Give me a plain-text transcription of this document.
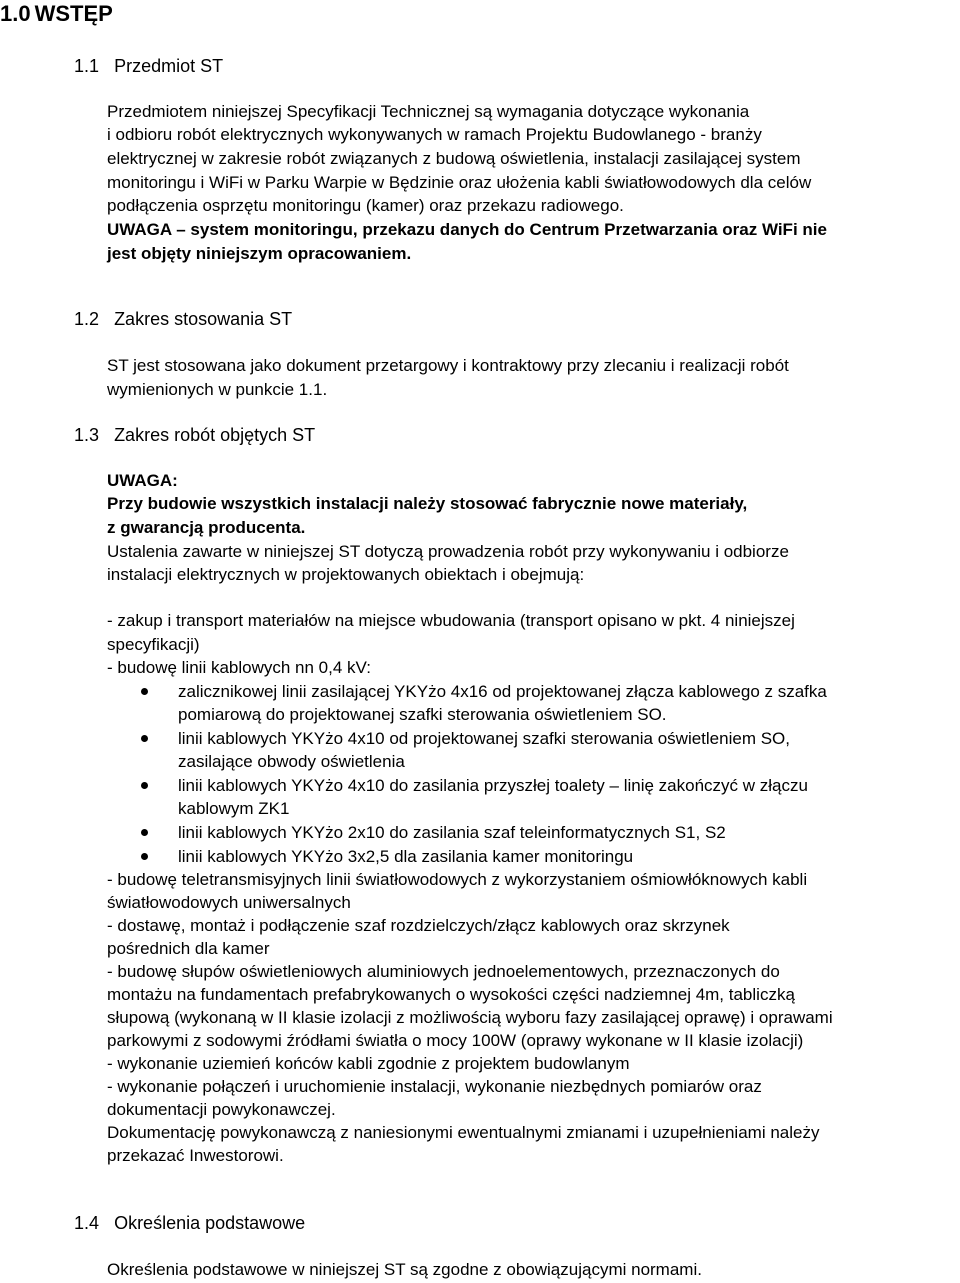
1.0 WSTĘP
1.1 Przedmiot ST
Przedmiotem niniejszej Specyfikacji Technicznej są wymagania dotyczące wykonania
i odbioru robót elektrycznych wykonywanych w ramach Projektu Budowlanego - branży
elektrycznej w zakresie robót związanych z budową oświetlenia, instalacji zasilającej system
monitoringu i WiFi w Parku Warpie w Będzinie oraz ułożenia kabli światłowodowych dla celów
podłączenia osprzętu monitoringu (kamer) oraz przekazu radiowego.
UWAGA – system monitoringu, przekazu danych do Centrum Przetwarzania oraz WiFi nie
jest objęty niniejszym opracowaniem.
1.2 Zakres stosowania ST
ST jest stosowana jako dokument przetargowy i kontraktowy przy zlecaniu i realizacji robót
wymienionych w punkcie 1.1.
1.3 Zakres robót objętych ST
UWAGA:
Przy budowie wszystkich instalacji należy stosować fabrycznie nowe materiały,
z gwarancją producenta.
Ustalenia zawarte w niniejszej ST dotyczą prowadzenia robót przy wykonywaniu i odbiorze
instalacji elektrycznych w projektowanych obiektach i obejmują:
- zakup i transport materiałów na miejsce wbudowania (transport opisano w pkt. 4 niniejszej
specyfikacji)
- budowę linii kablowych nn 0,4 kV:
zalicznikowej linii zasilającej YKYżo 4x16 od projektowanej złącza kablowego z szafka
pomiarową do projektowanej szafki sterowania oświetleniem SO.
linii kablowych YKYżo 4x10 od projektowanej szafki sterowania oświetleniem SO,
zasilające obwody oświetlenia
linii kablowych YKYżo 4x10 do zasilania przyszłej toalety – linię zakończyć w złączu
kablowym ZK1
linii kablowych YKYżo 2x10 do zasilania szaf teleinformatycznych S1, S2
linii kablowych YKYżo 3x2,5 dla zasilania kamer monitoringu
- budowę teletransmisyjnych linii światłowodowych z wykorzystaniem ośmiowłóknowych kabli
światłowodowych uniwersalnych
- dostawę, montaż i podłączenie szaf rozdzielczych/złącz kablowych oraz skrzynek
pośrednich dla kamer
- budowę słupów oświetleniowych aluminiowych jednoelementowych, przeznaczonych do
montażu na fundamentach prefabrykowanych o wysokości części nadziemnej 4m, tabliczką
słupową (wykonaną w II klasie izolacji z możliwością wyboru fazy zasilającej oprawę) i oprawami
parkowymi z sodowymi źródłami światła o mocy 100W (oprawy wykonane w II klasie izolacji)
- wykonanie uziemień końców kabli zgodnie z projektem budowlanym
- wykonanie połączeń i uruchomienie instalacji, wykonanie niezbędnych pomiarów oraz
dokumentacji powykonawczej.
Dokumentację powykonawczą z naniesionymi ewentualnymi zmianami i uzupełnieniami należy
przekazać Inwestorowi.
1.4 Określenia podstawowe
Określenia podstawowe w niniejszej ST są zgodne z obowiązującymi normami.
